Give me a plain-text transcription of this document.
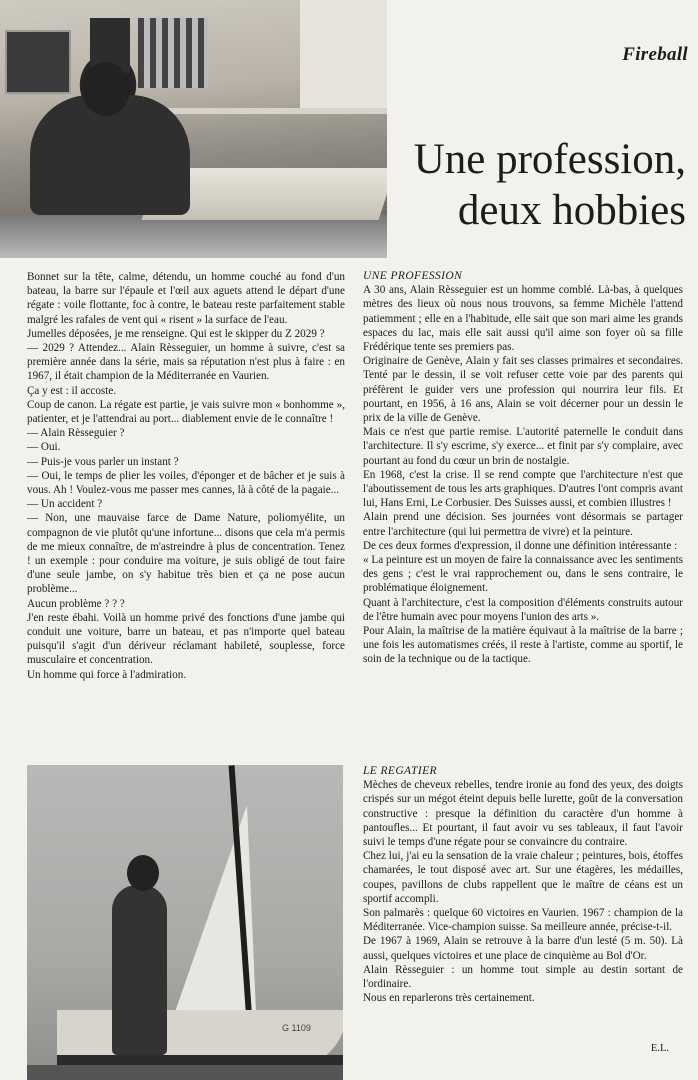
Fireball
Une profession,
deux hobbies

Bonnet sur la tête, calme, détendu, un homme couché au fond d'un bateau, la barre sur l'épaule et l'œil aux aguets attend le départ d'une régate : voile flottante, foc à contre, le bateau reste parfaitement stable malgré les rafales de vent qui « risent » la surface de l'eau.

Jumelles déposées, je me renseigne. Qui est le skipper du Z 2029 ?

— 2029 ? Attendez... Alain Rèsseguier, un homme à suivre, c'est sa première année dans la série, mais sa réputation n'est plus à faire : en 1967, il était champion de la Méditerranée en Vaurien.

Ça y est : il accoste.

Coup de canon. La régate est partie, je vais suivre mon « bonhomme », patienter, et je l'attendrai au port... diablement envie de le connaître !

— Alain Rèsseguier ?

— Oui.

— Puis-je vous parler un instant ?

— Oui, le temps de plier les voiles, d'éponger et de bâcher et je suis à vous. Ah ! Voulez-vous me passer mes cannes, là à côté de la pagaie...

— Un accident ?

— Non, une mauvaise farce de Dame Nature, poliomyélite, un compagnon de vie plutôt qu'une infortune... disons que cela m'a permis de me mieux connaître, de m'astreindre à plus de concentration. Tenez ! un exemple : pour conduire ma voiture, je suis obligé de tout faire d'une seule jambe, on s'y habitue très bien et ça ne pose aucun problème...

Aucun problème ? ? ?

J'en reste ébahi. Voilà un homme privé des fonctions d'une jambe qui conduit une voiture, barre un bateau, et pas n'importe quel bateau puisqu'il s'agit d'un dériveur réclamant habileté, souplesse, force musculaire et concentration.

Un homme qui force à l'admiration.

UNE PROFESSION

A 30 ans, Alain Rèsseguier est un homme comblé. Là-bas, à quelques mètres des lieux où nous nous trouvons, sa femme Michèle l'attend patiemment ; elle en a l'habitude, elle sait que son mari aime les grands espaces du lac, mais elle sait aussi qu'il aime son foyer où sa fille Frédérique tente ses premiers pas.

Originaire de Genève, Alain y fait ses classes primaires et secondaires. Tenté par le dessin, il se voit refuser cette voie par des parents qui préfèrent le guider vers une profession qui nourrira leur fils. Et pourtant, en 1956, à 16 ans, Alain se voit décerner pour un dessin le prix de la ville de Genève.

Mais ce n'est que partie remise. L'autorité paternelle le conduit dans l'architecture. Il s'y escrime, s'y exerce... et finit par s'y complaire, avec pourtant au fond du cœur un brin de nostalgie.

En 1968, c'est la crise. Il se rend compte que l'architecture n'est que l'aboutissement de tous les arts graphiques. D'autres l'ont compris avant lui, Hans Erni, Le Corbusier. Des Suisses aussi, et combien illustres !

Alain prend une décision. Ses journées vont désormais se partager entre l'architecture (qui lui permettra de vivre) et la peinture.

De ces deux formes d'expression, il donne une définition intéressante :

« La peinture est un moyen de faire la connaissance avec les sentiments des gens ; c'est le vrai rapprochement ou, dans le sens contraire, le problématique éloignement.

Quant à l'architecture, c'est la composition d'éléments construits autour de l'être humain avec pour moyens l'union des arts ».

Pour Alain, la maîtrise de la matière équivaut à la maîtrise de la barre ; une fois les automatismes créés, il reste à l'artiste, comme au sportif, le soin de la technique ou de la tactique.

LE REGATIER

Mèches de cheveux rebelles, tendre ironie au fond des yeux, des doigts crispés sur un mégot éteint depuis belle lurette, goût de la conversation constructive : presque la définition du caractère d'un homme à pantoufles... Et pourtant, il faut avoir vu ses tableaux, il faut l'avoir suivi le temps d'une régate pour se convaincre du contraire.

Chez lui, j'ai eu la sensation de la vraie chaleur ; peintures, bois, étoffes chamarées, le tout disposé avec art. Sur une étagères, les médailles, coupes, pavillons de clubs rappellent que le maître de céans est un sportif accompli.

Son palmarès : quelque 60 victoires en Vaurien. 1967 : champion de la Méditerranée. Vice-champion suisse. Sa meilleure année, précise-t-il.

De 1967 à 1969, Alain se retrouve à la barre d'un lesté (5 m. 50). Là aussi, quelques victoires et une place de cinquième au Bol d'Or.

Alain Rèsseguier : un homme tout simple au destin sortant de l'ordinaire.

Nous en reparlerons très certainement.

G 1109
E.L.
